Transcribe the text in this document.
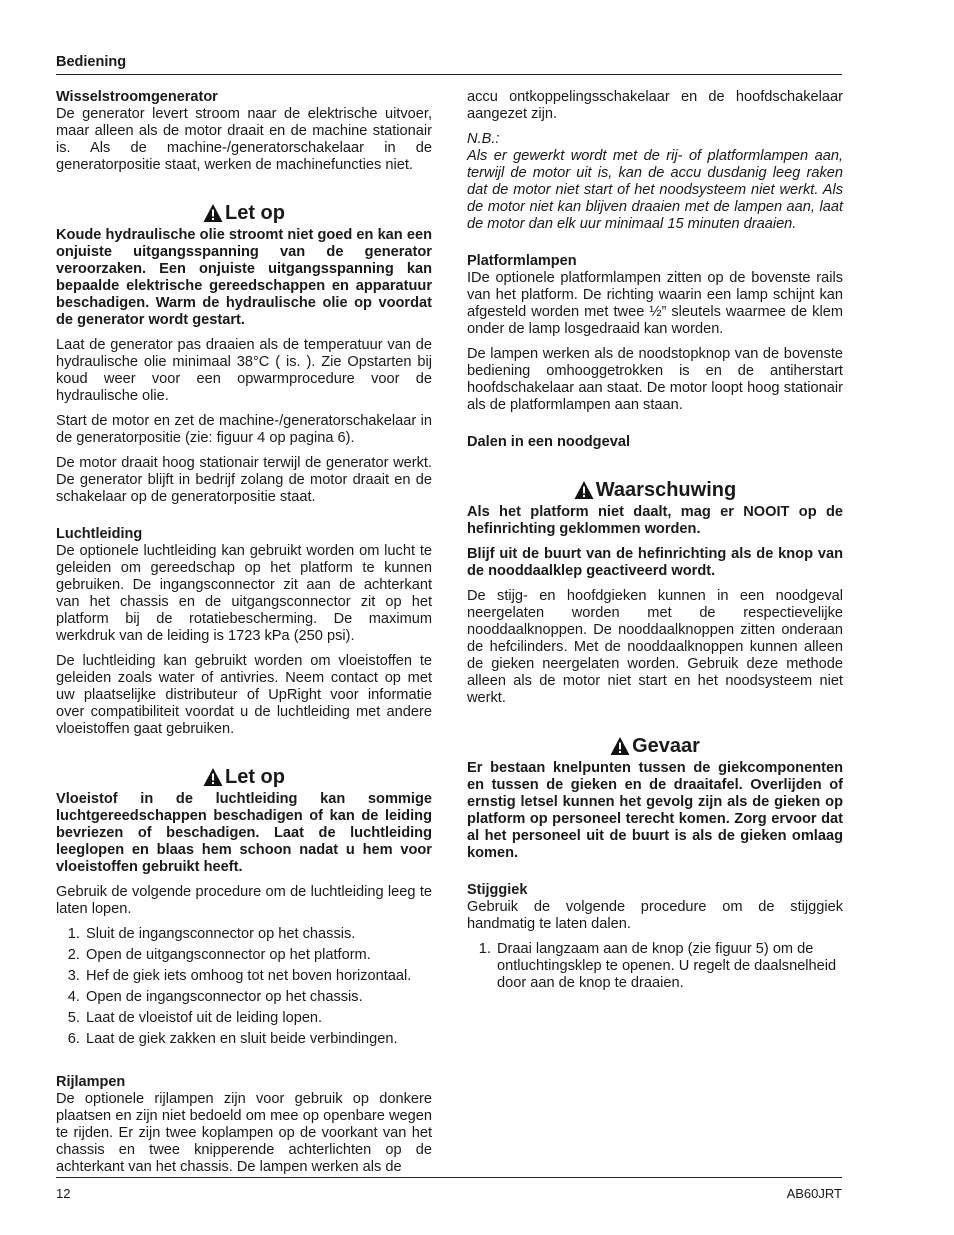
Bediening

Wisselstroomgenerator
De generator levert stroom naar de elektrische uitvoer, maar alleen als de motor draait en de machine stationair is. Als de machine-/generatorschakelaar in de generatorpositie staat, werken de machinefuncties niet.

Let op

Koude hydraulische olie stroomt niet goed en kan een onjuiste uitgangsspanning van de generator veroorzaken. Een onjuiste uitgangsspanning kan bepaalde elektrische gereedschappen en apparatuur beschadigen. Warm de hydraulische olie op voordat de generator wordt gestart.

Laat de generator pas draaien als de temperatuur van de hydraulische olie minimaal 38°C ( is. ). Zie Opstarten bij koud weer voor een opwarmprocedure voor de hydraulische olie.

Start de motor en zet de machine-/generatorschakelaar in de generatorpositie (zie: figuur 4 op pagina 6).

De motor draait hoog stationair terwijl de generator werkt. De generator blijft in bedrijf zolang de motor draait en de schakelaar op de generatorpositie staat.

Luchtleiding
De optionele luchtleiding kan gebruikt worden om lucht te geleiden om gereedschap op het platform te kunnen gebruiken. De ingangsconnector zit aan de achterkant van het chassis en de uitgangsconnector zit op het platform bij de rotatiebescherming. De maximum werkdruk van de leiding is 1723 kPa (250 psi).

De luchtleiding kan gebruikt worden om vloeistoffen te geleiden zoals water of antivries. Neem contact op met uw plaatselijke distributeur of UpRight voor informatie over compatibiliteit voordat u de luchtleiding met andere vloeistoffen gaat gebruiken.

Let op

Vloeistof in de luchtleiding kan sommige luchtgereedschappen beschadigen of kan de leiding bevriezen of beschadigen. Laat de luchtleiding leeglopen en blaas hem schoon nadat u hem voor vloeistoffen gebruikt heeft.

Gebruik de volgende procedure om de luchtleiding leeg te laten lopen.

1. Sluit de ingangsconnector op het chassis.
2. Open de uitgangsconnector op het platform.
3. Hef de giek iets omhoog tot net boven horizontaal.
4. Open de ingangsconnector op het chassis.
5. Laat de vloeistof uit de leiding lopen.
6. Laat de giek zakken en sluit beide verbindingen.

Rijlampen
De optionele rijlampen zijn voor gebruik op donkere plaatsen en zijn niet bedoeld om mee op openbare wegen te rijden. Er zijn twee koplampen op de voorkant van het chassis en twee knipperende achterlichten op de achterkant van het chassis. De lampen werken als de

accu ontkoppelingsschakelaar en de hoofdschakelaar aangezet zijn.

N.B.:
Als er gewerkt wordt met de rij- of platformlampen aan, terwijl de motor uit is, kan de accu dusdanig leeg raken dat de motor niet start of het noodsysteem niet werkt. Als de motor niet kan blijven draaien met de lampen aan, laat de motor dan elk uur minimaal 15 minuten draaien.

Platformlampen
IDe optionele platformlampen zitten op de bovenste rails van het platform. De richting waarin een lamp schijnt kan afgesteld worden met twee ½” sleutels waarmee de klem onder de lamp losgedraaid kan worden.

De lampen werken als de noodstopknop van de bovenste bediening omhooggetrokken is en de antiherstart hoofdschakelaar aan staat. De motor loopt hoog stationair als de platformlampen aan staan.

Dalen in een noodgeval

Waarschuwing

Als het platform niet daalt, mag er NOOIT op de hefinrichting geklommen worden.

Blijf uit de buurt van de hefinrichting als de knop van de nooddaalklep geactiveerd wordt.

De stijg- en hoofdgieken kunnen in een noodgeval neergelaten worden met de respectievelijke nooddaalknoppen. De nooddaalknoppen zitten onderaan de hefcilinders. Met de nooddaalknoppen kunnen alleen de gieken neergelaten worden. Gebruik deze methode alleen als de motor niet start en het noodsysteem niet werkt.

Gevaar

Er bestaan knelpunten tussen de giekcomponenten en tussen de gieken en de draaitafel. Overlijden of ernstig letsel kunnen het gevolg zijn als de gieken op platform op personeel terecht komen. Zorg ervoor dat al het personeel uit de buurt is als de gieken omlaag komen.

Stijggiek
Gebruik de volgende procedure om de stijggiek handmatig te laten dalen.

1. Draai langzaam aan de knop (zie figuur 5) om de ontluchtingsklep te openen. U regelt de daalsnelheid door aan de knop te draaien.
12	AB60JRT
